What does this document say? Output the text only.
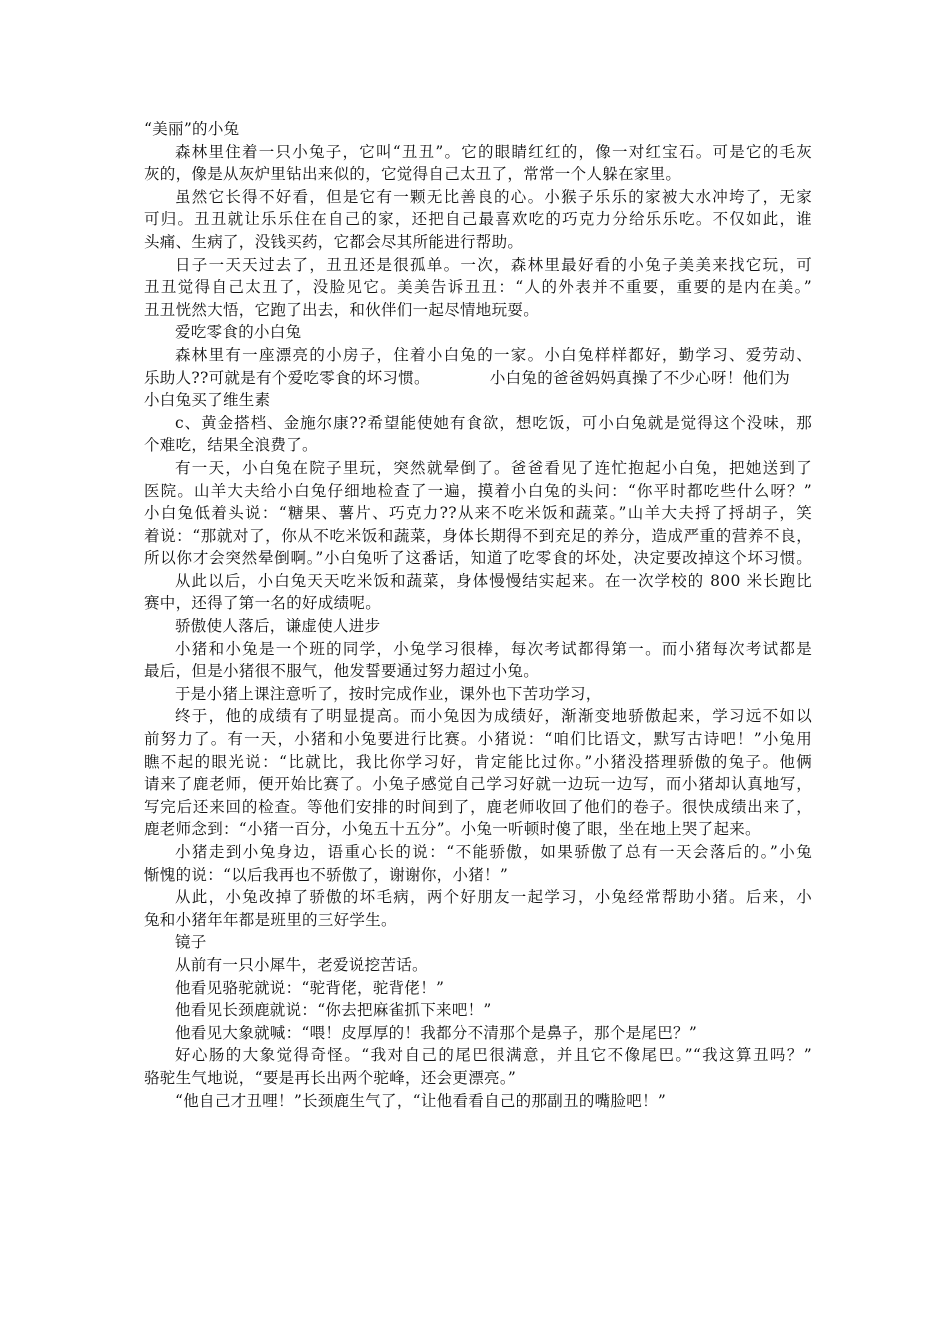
“美丽”的小兔
森林里住着一只小兔子，它叫“丑丑”。它的眼睛红红的，像一对红宝石。可是它的毛灰
灰的，像是从灰炉里钻出来似的，它觉得自己太丑了，常常一个人躲在家里。
虽然它长得不好看，但是它有一颗无比善良的心。小猴子乐乐的家被大水冲垮了，无家
可归。丑丑就让乐乐住在自己的家，还把自己最喜欢吃的巧克力分给乐乐吃。不仅如此，谁
头痛、生病了，没钱买药，它都会尽其所能进行帮助。
日子一天天过去了，丑丑还是很孤单。一次，森林里最好看的小兔子美美来找它玩，可
丑丑觉得自己太丑了，没脸见它。美美告诉丑丑：“人的外表并不重要，重要的是内在美。”
丑丑恍然大悟，它跑了出去，和伙伴们一起尽情地玩耍。
爱吃零食的小白兔
森林里有一座漂亮的小房子，住着小白兔的一家。小白兔样样都好，勤学习、爱劳动、
乐助人??可就是有个爱吃零食的坏习惯。	小白兔的爸爸妈妈真操了不少心呀！他们为
小白兔买了维生素
c、黄金搭档、金施尔康??希望能使她有食欲，想吃饭，可小白兔就是觉得这个没味，那
个难吃，结果全浪费了。
有一天，小白兔在院子里玩，突然就晕倒了。爸爸看见了连忙抱起小白兔，把她送到了
医院。山羊大夫给小白兔仔细地检查了一遍，摸着小白兔的头问：“你平时都吃些什么呀？”
小白兔低着头说：“糖果、薯片、巧克力??从来不吃米饭和蔬菜。”山羊大夫捋了捋胡子，笑
着说：“那就对了，你从不吃米饭和蔬菜，身体长期得不到充足的养分，造成严重的营养不良，
所以你才会突然晕倒啊。”小白兔听了这番话，知道了吃零食的坏处，决定要改掉这个坏习惯。
从此以后，小白兔天天吃米饭和蔬菜，身体慢慢结实起来。在一次学校的 800 米长跑比
赛中，还得了第一名的好成绩呢。
骄傲使人落后，谦虚使人进步
小猪和小兔是一个班的同学，小兔学习很棒，每次考试都得第一。而小猪每次考试都是
最后，但是小猪很不服气，他发誓要通过努力超过小兔。
于是小猪上课注意听了，按时完成作业，课外也下苦功学习，
终于，他的成绩有了明显提高。而小兔因为成绩好，渐渐变地骄傲起来，学习远不如以
前努力了。有一天，小猪和小兔要进行比赛。小猪说：“咱们比语文，默写古诗吧！”小兔用
瞧不起的眼光说：“比就比，我比你学习好，肯定能比过你。”小猪没搭理骄傲的兔子。他俩
请来了鹿老师，便开始比赛了。小兔子感觉自己学习好就一边玩一边写，而小猪却认真地写，
写完后还来回的检查。等他们安排的时间到了，鹿老师收回了他们的卷子。很快成绩出来了，
鹿老师念到：“小猪一百分，小兔五十五分”。小兔一听顿时傻了眼，坐在地上哭了起来。
小猪走到小兔身边，语重心长的说：“不能骄傲，如果骄傲了总有一天会落后的。”小兔
惭愧的说：“以后我再也不骄傲了，谢谢你，小猪！”
从此，小兔改掉了骄傲的坏毛病，两个好朋友一起学习，小兔经常帮助小猪。后来，小
兔和小猪年年都是班里的三好学生。
镜子
从前有一只小犀牛，老爱说挖苦话。
他看见骆驼就说：“驼背佬，驼背佬！”
他看见长颈鹿就说：“你去把麻雀抓下来吧！”
他看见大象就喊：“喂！皮厚厚的！我都分不清那个是鼻子，那个是尾巴？”
好心肠的大象觉得奇怪。“我对自己的尾巴很满意，并且它不像尾巴。”“我这算丑吗？”
骆驼生气地说，“要是再长出两个驼峰，还会更漂亮。”
“他自己才丑哩！”长颈鹿生气了，“让他看看自己的那副丑的嘴脸吧！”
